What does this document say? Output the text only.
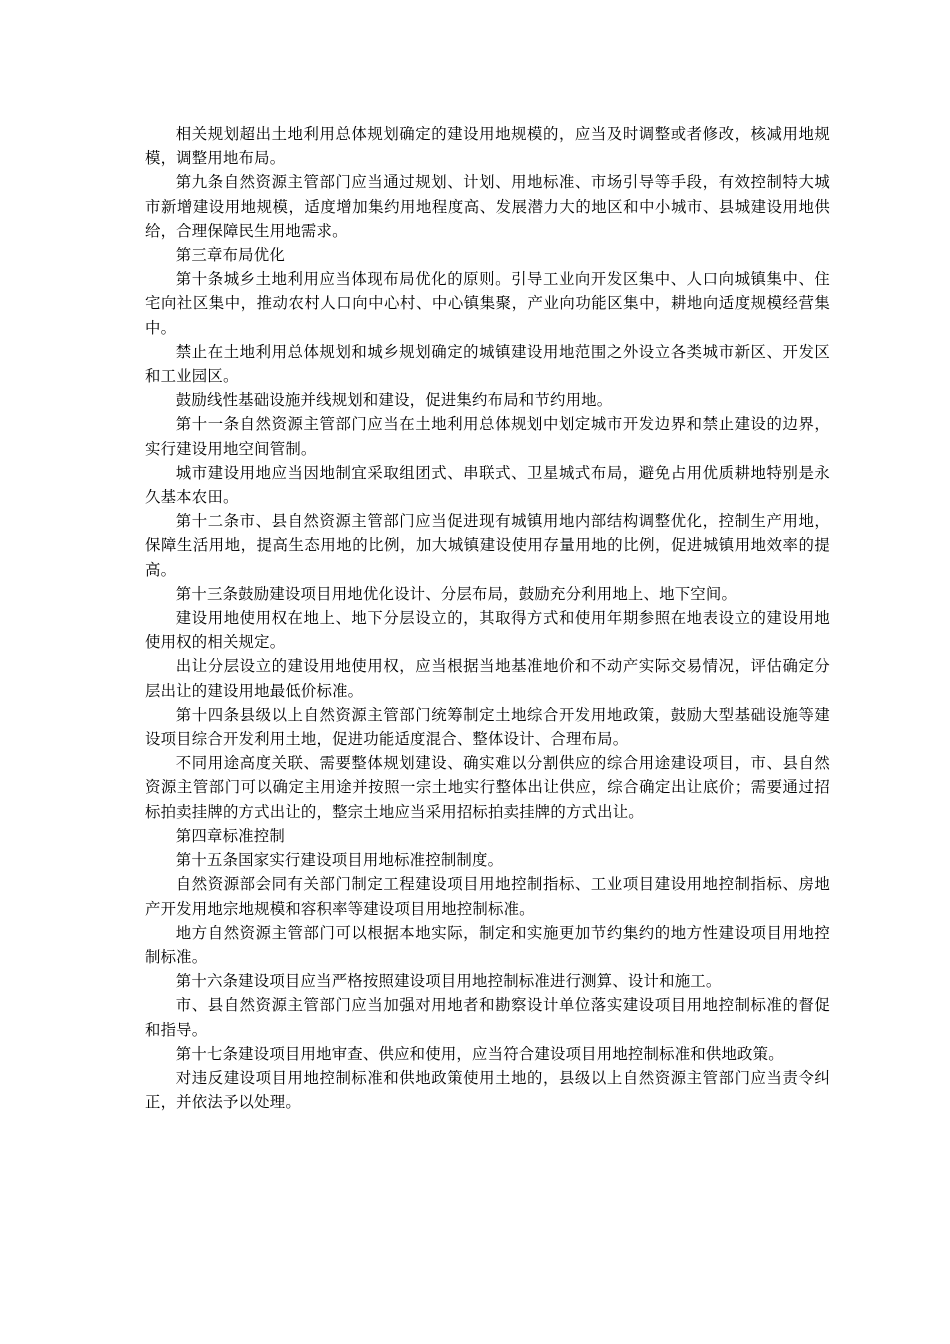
相关规划超出土地利用总体规划确定的建设用地规模的，应当及时调整或者修改，核减用地规模，调整用地布局。

第九条自然资源主管部门应当通过规划、计划、用地标准、市场引导等手段，有效控制特大城市新增建设用地规模，适度增加集约用地程度高、发展潜力大的地区和中小城市、县城建设用地供给，合理保障民生用地需求。

第三章布局优化

第十条城乡土地利用应当体现布局优化的原则。引导工业向开发区集中、人口向城镇集中、住宅向社区集中，推动农村人口向中心村、中心镇集聚，产业向功能区集中，耕地向适度规模经营集中。

禁止在土地利用总体规划和城乡规划确定的城镇建设用地范围之外设立各类城市新区、开发区和工业园区。

鼓励线性基础设施并线规划和建设，促进集约布局和节约用地。

第十一条自然资源主管部门应当在土地利用总体规划中划定城市开发边界和禁止建设的边界，实行建设用地空间管制。

城市建设用地应当因地制宜采取组团式、串联式、卫星城式布局，避免占用优质耕地特别是永久基本农田。

第十二条市、县自然资源主管部门应当促进现有城镇用地内部结构调整优化，控制生产用地，保障生活用地，提高生态用地的比例，加大城镇建设使用存量用地的比例，促进城镇用地效率的提高。

第十三条鼓励建设项目用地优化设计、分层布局，鼓励充分利用地上、地下空间。

建设用地使用权在地上、地下分层设立的，其取得方式和使用年期参照在地表设立的建设用地使用权的相关规定。

出让分层设立的建设用地使用权，应当根据当地基准地价和不动产实际交易情况，评估确定分层出让的建设用地最低价标准。

第十四条县级以上自然资源主管部门统筹制定土地综合开发用地政策，鼓励大型基础设施等建设项目综合开发利用土地，促进功能适度混合、整体设计、合理布局。

不同用途高度关联、需要整体规划建设、确实难以分割供应的综合用途建设项目，市、县自然资源主管部门可以确定主用途并按照一宗土地实行整体出让供应，综合确定出让底价；需要通过招标拍卖挂牌的方式出让的，整宗土地应当采用招标拍卖挂牌的方式出让。

第四章标准控制

第十五条国家实行建设项目用地标准控制制度。

自然资源部会同有关部门制定工程建设项目用地控制指标、工业项目建设用地控制指标、房地产开发用地宗地规模和容积率等建设项目用地控制标准。

地方自然资源主管部门可以根据本地实际，制定和实施更加节约集约的地方性建设项目用地控制标准。

第十六条建设项目应当严格按照建设项目用地控制标准进行测算、设计和施工。

市、县自然资源主管部门应当加强对用地者和勘察设计单位落实建设项目用地控制标准的督促和指导。

第十七条建设项目用地审查、供应和使用，应当符合建设项目用地控制标准和供地政策。

对违反建设项目用地控制标准和供地政策使用土地的，县级以上自然资源主管部门应当责令纠正，并依法予以处理。
